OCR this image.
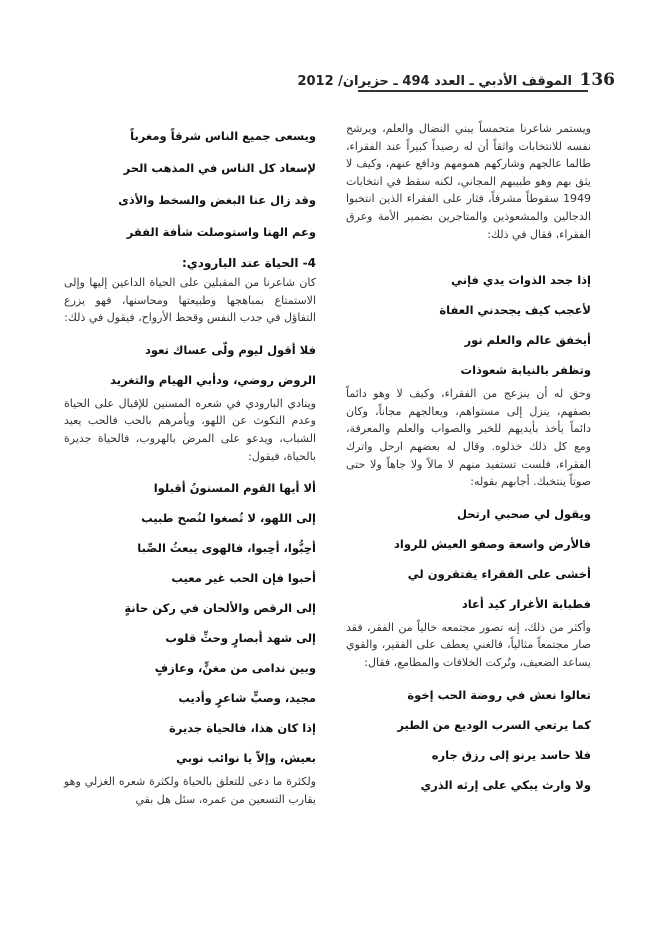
136
الموقف الأدبي ـ العدد 494 ـ حزيران/ 2012

ويستمر شاعرنا متحمساً يبني النضال والعلم، ويرشح نفسه للانتخابات واثقاً أن له رصيداً كبيراً عند الفقراء، طالما عالجهم وشاركهم همومهم ودافع عنهم، وكيف لا يثق بهم وهو طبيبهم المجاني، لكنه سقط في انتخابات 1949 سقوطاً مشرفاً، فثار على الفقراء الذين انتخبوا الدجالين والمشعوذين والمتاجرين بضمير الأمة وعرق الفقراء، فقال في ذلك:

إذا جحد الذوات يدي فإني

لأعجب كيف يجحدني العفاة

أيخفق عالم والعلم نور

وتظفر بالنيابة شعوذات

وحق له أن ينزعج من الفقراء، وكيف لا وهو دائماً بصفهم، ينزل إلى مستواهم، ويعالجهم مجاناً، وكان دائماً يأخذ بأيديهم للخير والصواب والعلم والمعرفة، ومع كل ذلك خذلوه. وقال له بعضهم ارحل واترك الفقراء، فلست تستفيد منهم لا مالاً ولا جاهاً ولا حتى صوتاً ينتخبك. أجابهم بقوله:

ويقول لي صحبي ارتحل

فالأرض واسعة وصفو العيش للرواد

أخشى على الفقراء يفتقرون لي

فطبابة الأغرار كيد أعاد

وأكثر من ذلك، إنه تصور مجتمعه خالياً من الفقر، فقد صار مجتمعاً مثالياً، فالغني يعطف على الفقير، والقوي يساعد الضعيف، وتُركت الخلافات والمطامع، فقال:

تعالوا نعش في روضة الحب إخوة

كما يرتعي السرب الوديع من الطير

فلا حاسد يرنو إلى رزق جاره

ولا وارث يبكي على إرثه الذري

ويسعى جميع الناس شرقاً ومغرباً

لإسعاد كل الناس في المذهب الحر

وقد زال عنا البغض والسخط والأذى

وعم الهنا واستوصلت شأفة الفقر

4- الحياة عند البارودي:

كان شاعرنا من المقبلين على الحياة الداعين إليها وإلى الاستمتاع بمباهجها وطبيعتها ومحاسنها، فهو يزرع التفاؤل في جدب النفس وقحط الأرواح، فيقول في ذلك:

فلا أقول ليوم ولّى عساك تعود

الروض روضي، ودأبي الهيام والتغريد

وينادي البارودي في شعره المسنين للإقبال على الحياة وعدم النكوث عن اللهو، ويأمرهم بالحب فالحب يعيد الشباب، ويدعو على المرض بالهروب، فالحياة جديرة بالحياة، فيقول:

ألا أيها القوم المسنونُ أقبلوا

إلى اللهو، لا تُصغوا لنُصح طبيب

أحِبُّوا، أحِبوا، فالهوى يبعثُ الصِّبا

أحبوا فإن الحب غير معيب

إلى الرقص والألحان في ركن حانةٍ

إلى شهد أبصارٍ وحثِّ قلوب

وبين ندامى من مغنٍّ، وعازفٍ

مجيد، وصبٍّ شاعرٍ وأديب

إذا كان هذا، فالحياة جديرة

بعيش، وإلاّ يا نوائب نوبي

ولكثرة ما دعى للتعلق بالحياة ولكثرة شعره الغزلي وهو يقارب التسعين من عمره، سئل هل بقي
